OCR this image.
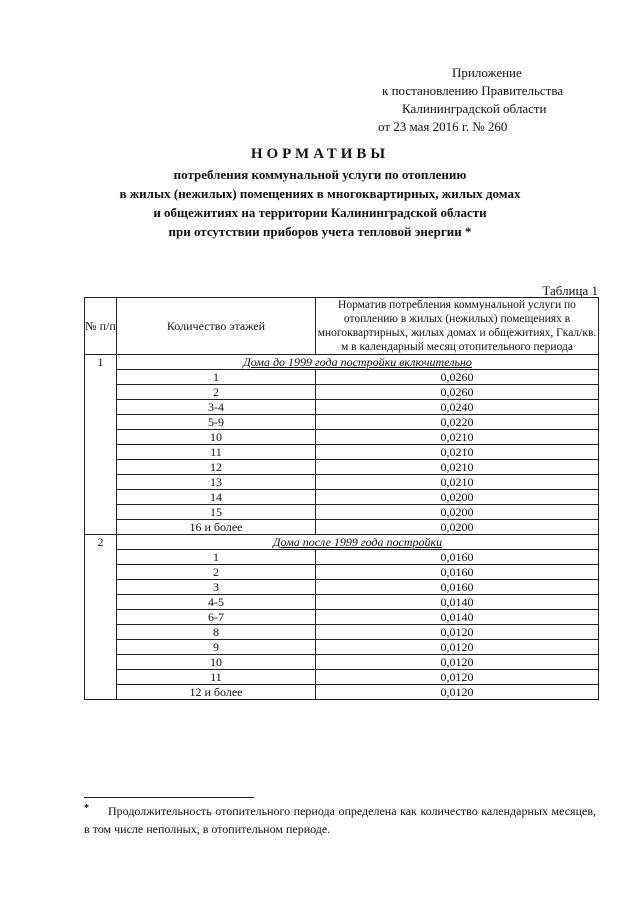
Приложение
к постановлению Правительства
Калининградской области
от 23 мая 2016 г. № 260
НОРМАТИВЫ
потребления коммунальной услуги по отоплению
в жилых (нежилых) помещениях в многоквартирных, жилых домах
и общежитиях на территории Калининградской области
при отсутствии приборов учета тепловой энергии *
Таблица 1
№ п/п	Количество этажей	Норматив потребления коммунальной услуги по отоплению в жилых (нежилых) помещениях в многоквартирных, жилых домах и общежитиях, Гкал/кв. м в календарный месяц отопительного периода
1	Дома до 1999 года постройки включительно	
	1	0,0260
	2	0,0260
	3-4	0,0240
	5-9	0,0220
	10	0,0210
	11	0,0210
	12	0,0210
	13	0,0210
	14	0,0200
	15	0,0200
	16 и более	0,0200
2	Дома после 1999 года постройки	
	1	0,0160
	2	0,0160
	3	0,0160
	4-5	0,0140
	6-7	0,0140
	8	0,0120
	9	0,0120
	10	0,0120
	11	0,0120
	12 и более	0,0120
*	Продолжительность отопительного периода определена как количество календарных месяцев, в том числе неполных, в отопительном периоде.
